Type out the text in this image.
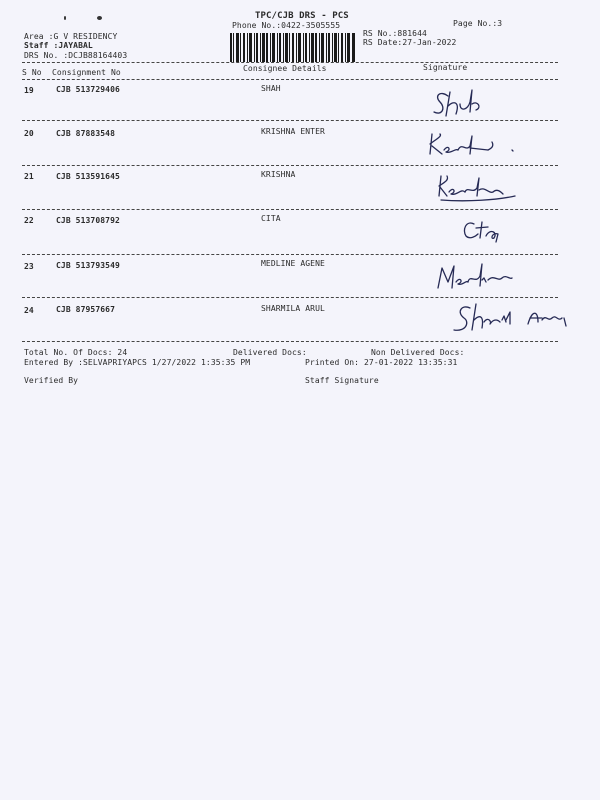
TPC/CJB DRS - PCS
Phone No.:0422-3505555	Page No.:3
Area :G V RESIDENCY
Staff :JAYABAL
DRS No. :DCJB88164403
RS No.:881644
RS Date:27-Jan-2022
S No Consignment No	Consignee Details	Signature
19	CJB 513729406	SHAH
20	CJB 87883548	KRISHNA ENTER
21	CJB 513591645	KRISHNA
22	CJB 513708792	CITA
23	CJB 513793549	MEDLINE AGENE
24	CJB 87957667	SHARMILA ARUL
Total No. Of Docs: 24	Delivered Docs:	Non Delivered Docs:
Entered By :SELVAPRIYAPCS 1/27/2022 1:35:35 PM	Printed On: 27-01-2022 13:35:31
Verified By	Staff Signature
